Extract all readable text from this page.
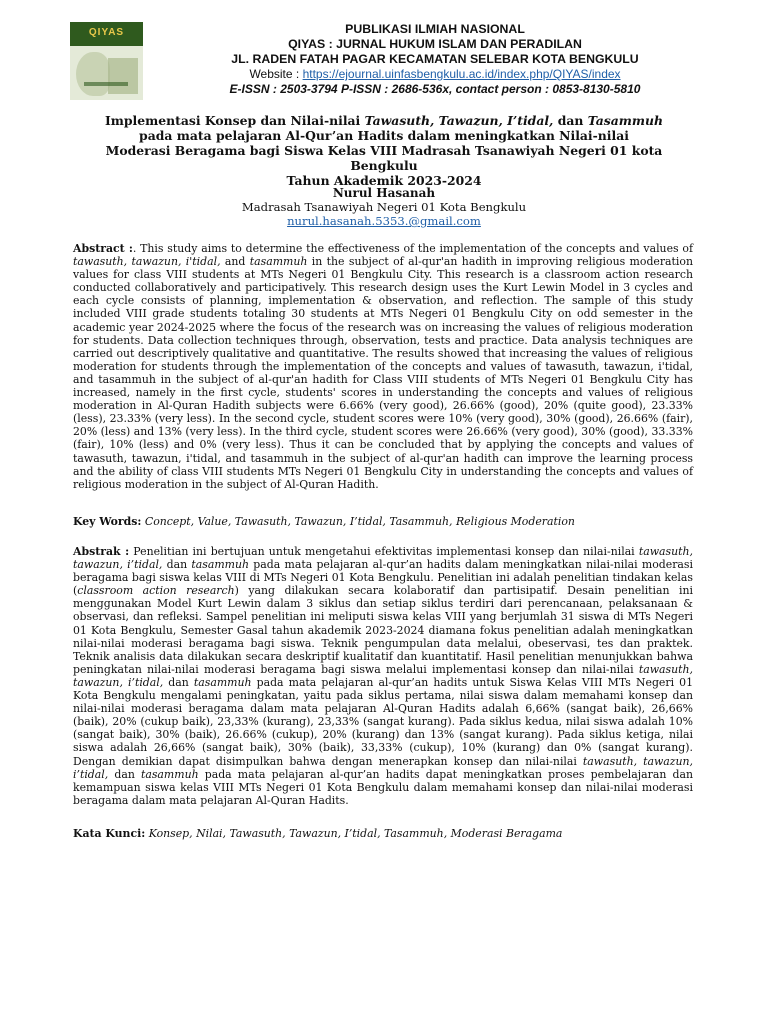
QIYAS	PUBLIKASI ILMIAH NASIONAL
QIYAS : JURNAL HUKUM ISLAM DAN PERADILAN
JL. RADEN FATAH PAGAR KECAMATAN SELEBAR KOTA BENGKULU
Website : https://ejournal.uinfasbengkulu.ac.id/index.php/QIYAS/index
E-ISSN : 2503-3794 P-ISSN : 2686-536x, contact person : 0853-8130-5810
Implementasi Konsep dan Nilai-nilai Tawasuth, Tawazun, I’tidal, dan Tasammuh
pada mata pelajaran Al-Qur’an Hadits dalam meningkatkan Nilai-nilai
Moderasi Beragama bagi Siswa Kelas VIII Madrasah Tsanawiyah Negeri 01 kota Bengkulu
Tahun Akademik 2023-2024
Nurul Hasanah
Madrasah Tsanawiyah Negeri 01 Kota Bengkulu
nurul.hasanah.5353.@gmail.com
Abstract :. This study aims to determine the effectiveness of the implementation of the concepts and values of tawasuth, tawazun, i'tidal, and tasammuh in the subject of al-qur'an hadith in improving religious moderation values for class VIII students at MTs Negeri 01 Bengkulu City. This research is a classroom action research conducted collaboratively and participatively. This research design uses the Kurt Lewin Model in 3 cycles and each cycle consists of planning, implementation & observation, and reflection. The sample of this study included VIII grade students totaling 30 students at MTs Negeri 01 Bengkulu City on odd semester in the academic year 2024-2025 where the focus of the research was on increasing the values of religious moderation for students. Data collection techniques through, observation, tests and practice. Data analysis techniques are carried out descriptively qualitative and quantitative. The results showed that increasing the values of religious moderation for students through the implementation of the concepts and values of tawasuth, tawazun, i'tidal, and tasammuh in the subject of al-qur'an hadith for Class VIII students of MTs Negeri 01 Bengkulu City has increased, namely in the first cycle, students' scores in understanding the concepts and values of religious moderation in Al-Quran Hadith subjects were 6.66% (very good), 26.66% (good), 20% (quite good), 23.33% (less), 23.33% (very less). In the second cycle, student scores were 10% (very good), 30% (good), 26.66% (fair), 20% (less) and 13% (very less). In the third cycle, student scores were 26.66% (very good), 30% (good), 33.33% (fair), 10% (less) and 0% (very less). Thus it can be concluded that by applying the concepts and values of tawasuth, tawazun, i'tidal, and tasammuh in the subject of al-qur'an hadith can improve the learning process and the ability of class VIII students MTs Negeri 01 Bengkulu City in understanding the concepts and values of religious moderation in the subject of Al-Quran Hadith.
Key Words: Concept, Value, Tawasuth, Tawazun, I’tidal, Tasammuh, Religious Moderation
Abstrak : Penelitian ini bertujuan untuk mengetahui efektivitas implementasi konsep dan nilai-nilai tawasuth, tawazun, i’tidal, dan tasammuh pada mata pelajaran al-qur’an hadits dalam meningkatkan nilai-nilai moderasi beragama bagi siswa kelas VIII di MTs Negeri 01 Kota Bengkulu. Penelitian ini adalah penelitian tindakan kelas (classroom action research) yang dilakukan secara kolaboratif dan partisipatif. Desain penelitian ini menggunakan Model Kurt Lewin dalam 3 siklus dan setiap siklus terdiri dari perencanaan, pelaksanaan & observasi, dan refleksi. Sampel penelitian ini meliputi siswa kelas VIII yang berjumlah 31 siswa di MTs Negeri 01 Kota Bengkulu, Semester Gasal tahun akademik 2023-2024 diamana fokus penelitian adalah meningkatkan nilai-nilai moderasi beragama bagi siswa. Teknik pengumpulan data melalui, obeservasi, tes dan praktek. Teknik analisis data dilakukan secara deskriptif kualitatif dan kuantitatif. Hasil penelitian menunjukkan bahwa peningkatan nilai-nilai moderasi beragama bagi siswa melalui implementasi konsep dan nilai-nilai tawasuth, tawazun, i’tidal, dan tasammuh pada mata pelajaran al-qur’an hadits untuk Siswa Kelas VIII MTs Negeri 01 Kota Bengkulu mengalami peningkatan, yaitu pada siklus pertama, nilai siswa dalam memahami konsep dan nilai-nilai moderasi beragama dalam mata pelajaran Al-Quran Hadits adalah 6,66% (sangat baik), 26,66% (baik), 20% (cukup baik), 23,33% (kurang), 23,33% (sangat kurang). Pada siklus kedua, nilai siswa adalah 10% (sangat baik), 30% (baik), 26.66% (cukup), 20% (kurang) dan 13% (sangat kurang). Pada siklus ketiga, nilai siswa adalah 26,66% (sangat baik), 30% (baik), 33,33% (cukup), 10% (kurang) dan 0% (sangat kurang). Dengan demikian dapat disimpulkan bahwa dengan menerapkan konsep dan nilai-nilai tawasuth, tawazun, i’tidal, dan tasammuh pada mata pelajaran al-qur’an hadits dapat meningkatkan proses pembelajaran dan kemampuan siswa kelas VIII MTs Negeri 01 Kota Bengkulu dalam memahami konsep dan nilai-nilai moderasi beragama dalam mata pelajaran Al-Quran Hadits.
Kata Kunci: Konsep, Nilai, Tawasuth, Tawazun, I’tidal, Tasammuh, Moderasi Beragama
